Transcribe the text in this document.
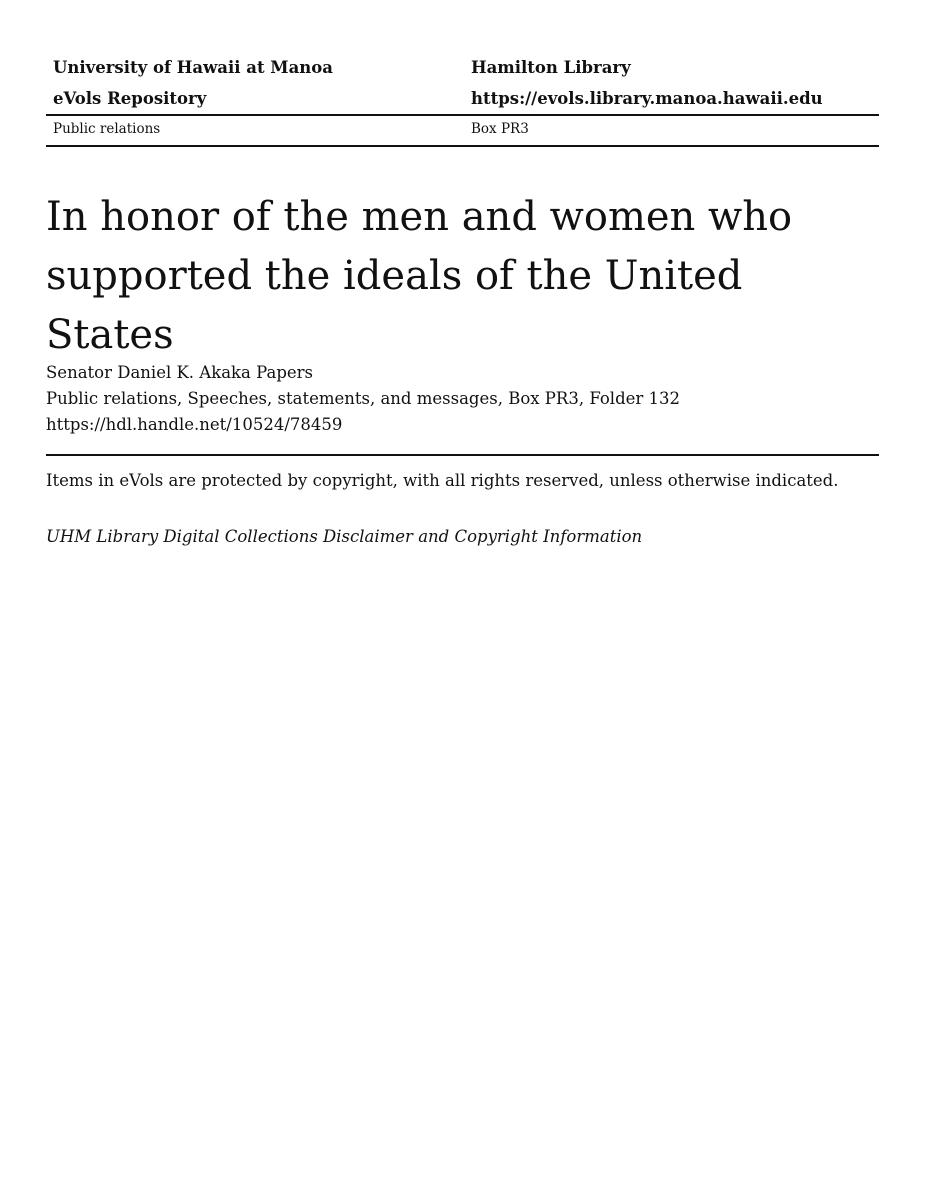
University of Hawaii at Manoa	Hamilton Library
eVols Repository	https://evols.library.manoa.hawaii.edu
Public relations	Box PR3
In honor of the men and women who
supported the ideals of the United States
Senator Daniel K. Akaka Papers
Public relations, Speeches, statements, and messages, Box PR3, Folder 132
https://hdl.handle.net/10524/78459
Items in eVols are protected by copyright, with all rights reserved, unless otherwise indicated.
UHM Library Digital Collections Disclaimer and Copyright Information
